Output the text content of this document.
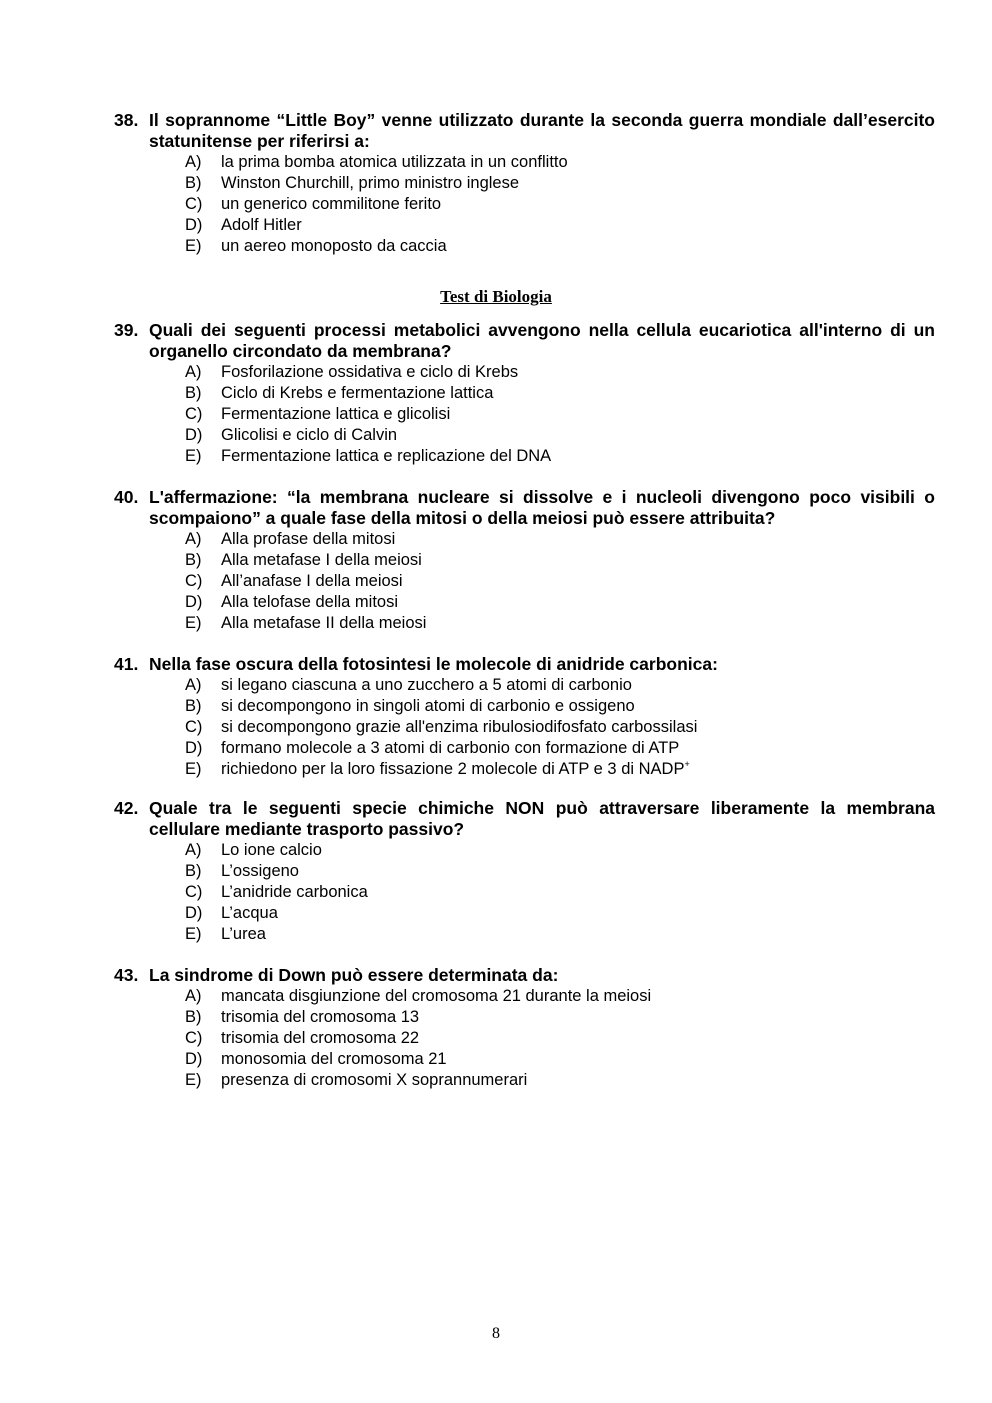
38. Il soprannome “Little Boy” venne utilizzato durante la seconda guerra mondiale dall’esercito statunitense per riferirsi a:

A) la prima bomba atomica utilizzata in un conflitto
B) Winston Churchill, primo ministro inglese
C) un generico commilitone ferito
D) Adolf Hitler
E) un aereo monoposto da caccia
Test di Biologia

39. Quali dei seguenti processi metabolici avvengono nella cellula eucariotica all'interno di un organello circondato da membrana?

A) Fosforilazione ossidativa e ciclo di Krebs
B) Ciclo di Krebs e fermentazione lattica
C) Fermentazione lattica e glicolisi
D) Glicolisi e ciclo di Calvin
E) Fermentazione lattica e replicazione del DNA

40. L'affermazione: “la membrana nucleare si dissolve e i nucleoli divengono poco visibili o scompaiono” a quale fase della mitosi o della meiosi può essere attribuita?

A) Alla profase della mitosi
B) Alla metafase I della meiosi
C) All’anafase I della meiosi
D) Alla telofase della mitosi
E) Alla metafase II della meiosi

41. Nella fase oscura della fotosintesi le molecole di anidride carbonica:

A) si legano ciascuna a uno zucchero a 5 atomi di carbonio
B) si decompongono in singoli atomi di carbonio e ossigeno
C) si decompongono grazie all'enzima ribulosiodifosfato carbossilasi
D) formano molecole a 3 atomi di carbonio con formazione di ATP
E) richiedono per la loro fissazione 2 molecole di ATP e 3 di NADP+

42. Quale tra le seguenti specie chimiche NON può attraversare liberamente la membrana cellulare mediante trasporto passivo?

A) Lo ione calcio
B) L’ossigeno
C) L’anidride carbonica
D) L’acqua
E) L’urea

43. La sindrome di Down può essere determinata da:

A) mancata disgiunzione del cromosoma 21 durante la meiosi
B) trisomia del cromosoma 13
C) trisomia del cromosoma 22
D) monosomia del cromosoma 21
E) presenza di cromosomi X soprannumerari
8
